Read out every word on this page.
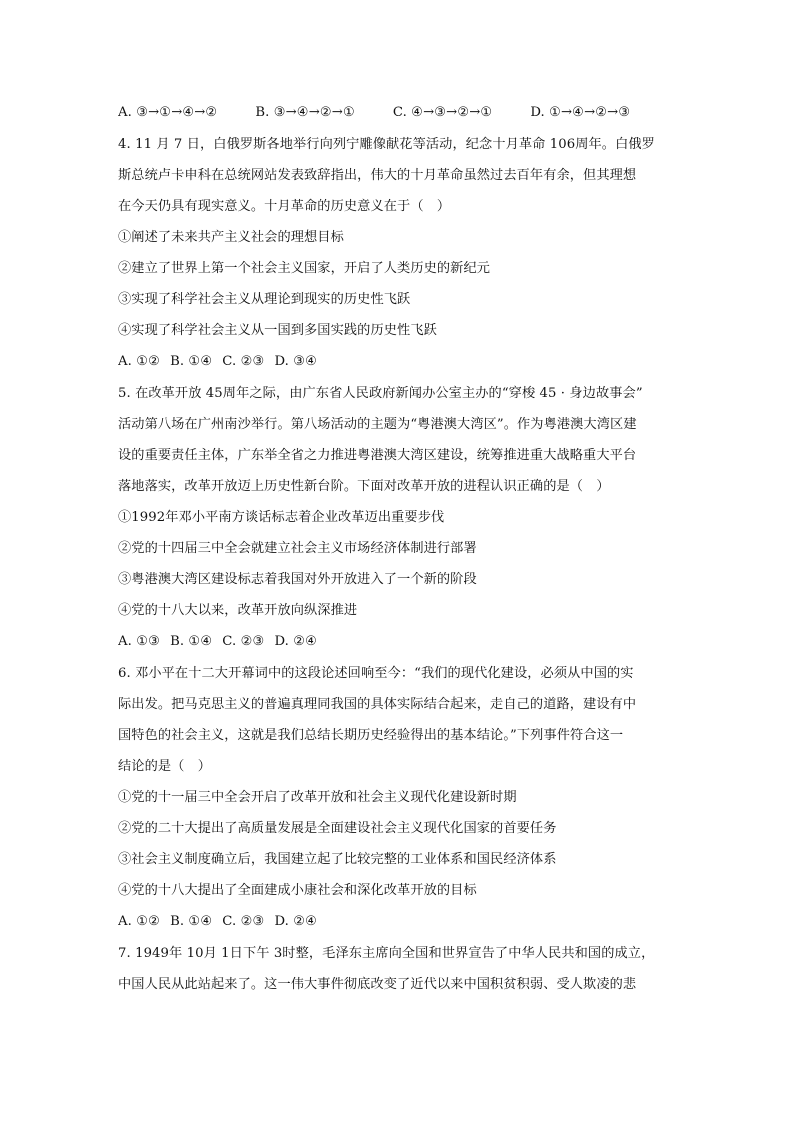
A. ③→①→④→②	B. ③→④→②→①	C. ④→③→②→①	D. ①→④→②→③
4. 11 月 7 日，白俄罗斯各地举行向列宁雕像献花等活动，纪念十月革命 106周年。白俄罗
斯总统卢卡申科在总统网站发表致辞指出，伟大的十月革命虽然过去百年有余，但其理想
在今天仍具有现实意义。十月革命的历史意义在于（　）
①阐述了未来共产主义社会的理想目标
②建立了世界上第一个社会主义国家，开启了人类历史的新纪元
③实现了科学社会主义从理论到现实的历史性飞跃
④实现了科学社会主义从一国到多国实践的历史性飞跃
A. ①② B. ①④ C. ②③ D. ③④
5. 在改革开放 45周年之际，由广东省人民政府新闻办公室主办的“穿梭 45 · 身边故事会”
活动第八场在广州南沙举行。第八场活动的主题为“粤港澳大湾区”。作为粤港澳大湾区建
设的重要责任主体，广东举全省之力推进粤港澳大湾区建设，统筹推进重大战略重大平台
落地落实，改革开放迈上历史性新台阶。下面对改革开放的进程认识正确的是（　）
①1992年邓小平南方谈话标志着企业改革迈出重要步伐
②党的十四届三中全会就建立社会主义市场经济体制进行部署
③粤港澳大湾区建设标志着我国对外开放进入了一个新的阶段
④党的十八大以来，改革开放向纵深推进
A. ①③ B. ①④ C. ②③ D. ②④
6. 邓小平在十二大开幕词中的这段论述回响至今：“我们的现代化建设，必须从中国的实
际出发。把马克思主义的普遍真理同我国的具体实际结合起来，走自己的道路，建设有中
国特色的社会主义，这就是我们总结长期历史经验得出的基本结论。”下列事件符合这一
结论的是（　）
①党的十一届三中全会开启了改革开放和社会主义现代化建设新时期
②党的二十大提出了高质量发展是全面建设社会主义现代化国家的首要任务
③社会主义制度确立后，我国建立起了比较完整的工业体系和国民经济体系
④党的十八大提出了全面建成小康社会和深化改革开放的目标
A. ①② B. ①④ C. ②③ D. ②④
7. 1949年 10月 1日下午 3时整，毛泽东主席向全国和世界宣告了中华人民共和国的成立，
中国人民从此站起来了。这一伟大事件彻底改变了近代以来中国积贫积弱、受人欺凌的悲
